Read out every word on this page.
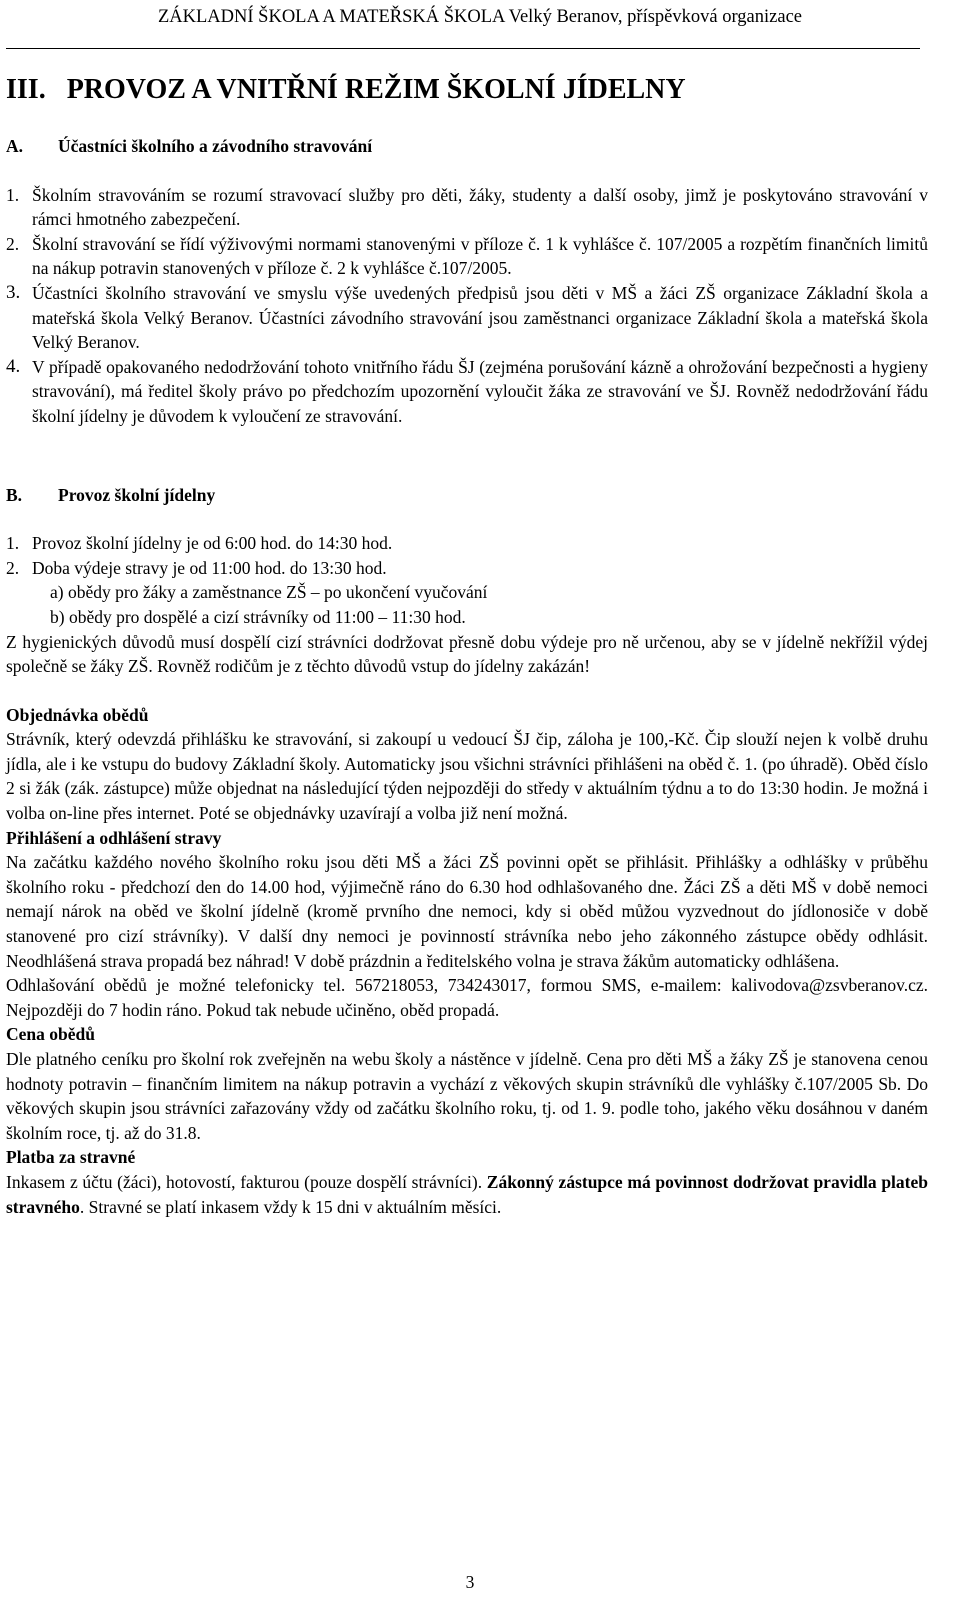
ZÁKLADNÍ ŠKOLA A MATEŘSKÁ ŠKOLA Velký Beranov, příspěvková organizace

III.   PROVOZ A VNITŘNÍ REŽIM ŠKOLNÍ JÍDELNY

A. Účastníci školního a závodního stravování

1. Školním stravováním se rozumí stravovací služby pro děti, žáky, studenty a další osoby, jimž je poskytováno stravování v rámci hmotného zabezpečení.
2. Školní stravování se řídí výživovými normami stanovenými v příloze č. 1 k vyhlášce č. 107/2005 a rozpětím finančních limitů na nákup potravin stanovených v příloze č. 2 k vyhlášce č.107/2005.
3. Účastníci školního stravování ve smyslu výše uvedených předpisů jsou děti v MŠ a žáci ZŠ organizace Základní škola a mateřská škola Velký Beranov. Účastníci závodního stravování jsou zaměstnanci organizace Základní škola a mateřská škola Velký Beranov.
4. V případě opakovaného nedodržování tohoto vnitřního řádu ŠJ (zejména porušování kázně a ohrožování bezpečnosti a hygieny stravování), má ředitel školy právo po předchozím upozornění vyloučit žáka ze stravování ve ŠJ. Rovněž nedodržování řádu školní jídelny je důvodem k vyloučení ze stravování.

B. Provoz školní jídelny

1. Provoz školní jídelny je od 6:00 hod. do 14:30 hod.
2. Doba výdeje stravy je od 11:00 hod. do 13:30 hod.

a) obědy pro žáky a zaměstnance ZŠ – po ukončení vyučování

b) obědy pro dospělé a cizí strávníky od 11:00 – 11:30 hod.

Z hygienických důvodů musí dospělí cizí strávníci dodržovat přesně dobu výdeje pro ně určenou, aby se v jídelně nekřížil výdej společně se žáky ZŠ. Rovněž rodičům je z těchto důvodů vstup do jídelny zakázán!

Objednávka obědů

Strávník, který odevzdá přihlášku ke stravování, si zakoupí u vedoucí ŠJ čip, záloha je 100,-Kč. Čip slouží nejen k volbě druhu jídla, ale i ke vstupu do budovy Základní školy. Automaticky jsou všichni strávníci přihlášeni na oběd č. 1. (po úhradě). Oběd číslo 2 si žák (zák. zástupce) může objednat na následující týden nejpozději do středy v aktuálním týdnu a to do 13:30 hodin. Je možná i volba on-line přes internet. Poté se objednávky uzavírají a volba již není možná.

Přihlášení a odhlášení stravy

Na začátku každého nového školního roku jsou děti MŠ a žáci ZŠ povinni opět se přihlásit. Přihlášky a odhlášky v průběhu školního roku - předchozí den do 14.00 hod, výjimečně ráno do 6.30 hod odhlašovaného dne. Žáci ZŠ a děti MŠ v době nemoci nemají nárok na oběd ve školní jídelně (kromě prvního dne nemoci, kdy si oběd můžou vyzvednout do jídlonosiče v době stanovené pro cizí strávníky). V další dny nemoci je povinností strávníka nebo jeho zákonného zástupce obědy odhlásit. Neodhlášená strava propadá bez náhrad! V době prázdnin a ředitelského volna je strava žákům automaticky odhlášena.

Odhlašování obědů je možné telefonicky tel. 567218053, 734243017, formou SMS, e-mailem: kalivodova@zsvberanov.cz. Nejpozději do 7 hodin ráno. Pokud tak nebude učiněno, oběd propadá.

Cena obědů

Dle platného ceníku pro školní rok zveřejněn na webu školy a nástěnce v jídelně. Cena pro děti MŠ a žáky ZŠ je stanovena cenou hodnoty potravin – finančním limitem na nákup potravin a vychází z věkových skupin strávníků dle vyhlášky č.107/2005 Sb. Do věkových skupin jsou strávníci zařazovány vždy od začátku školního roku, tj. od 1. 9. podle toho, jakého věku dosáhnou v daném školním roce, tj. až do 31.8.

Platba za stravné

Inkasem z účtu (žáci), hotovostí, fakturou (pouze dospělí strávníci). Zákonný zástupce má povinnost dodržovat pravidla plateb stravného. Stravné se platí inkasem vždy k 15 dni v aktuálním měsíci.

3
